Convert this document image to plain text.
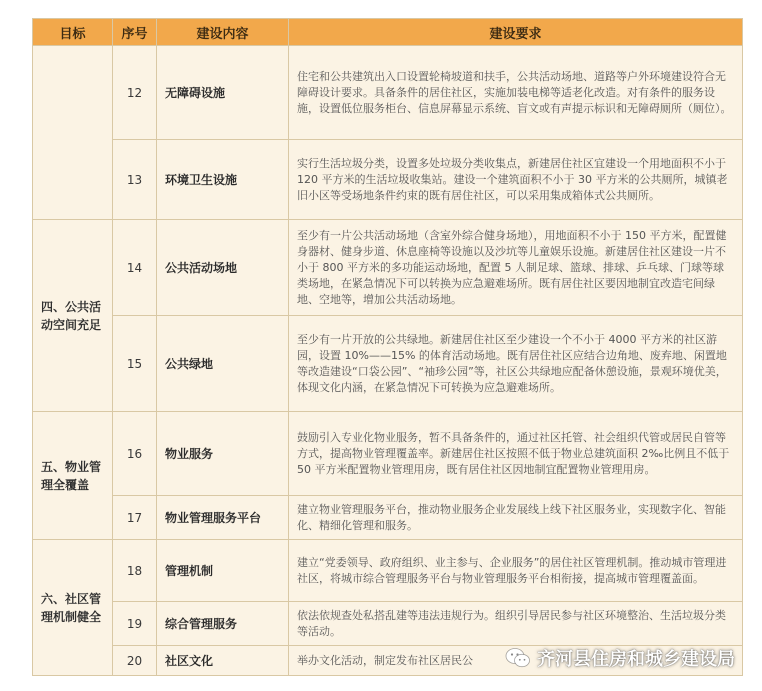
目标	序号	建设内容	建设要求
	12	无障碍设施	住宅和公共建筑出入口设置轮椅坡道和扶手，公共活动场地、道路等户外环境建设符合无障碍设计要求。具备条件的居住社区，实施加装电梯等适老化改造。对有条件的服务设施，设置低位服务柜台、信息屏幕显示系统、盲文或有声提示标识和无障碍厕所（厕位）。
	13	环境卫生设施	实行生活垃圾分类，设置多处垃圾分类收集点，新建居住社区宜建设一个用地面积不小于 120 平方米的生活垃圾收集站。建设一个建筑面积不小于 30 平方米的公共厕所，城镇老旧小区等受场地条件约束的既有居住社区，可以采用集成箱体式公共厕所。
四、公共活动空间充足	14	公共活动场地	至少有一片公共活动场地（含室外综合健身场地），用地面积不小于 150 平方米，配置健身器材、健身步道、休息座椅等设施以及沙坑等儿童娱乐设施。新建居住社区建设一片不小于 800 平方米的多功能运动场地，配置 5 人制足球、篮球、排球、乒乓球、门球等球类场地，在紧急情况下可以转换为应急避难场所。既有居住社区要因地制宜改造宅间绿地、空地等，增加公共活动场地。
	15	公共绿地	至少有一片开放的公共绿地。新建居住社区至少建设一个不小于 4000 平方米的社区游园，设置 10%——15% 的体育活动场地。既有居住社区应结合边角地、废弃地、闲置地等改造建设“口袋公园”、“袖珍公园”等，社区公共绿地应配备休憩设施，景观环境优美，体现文化内涵，在紧急情况下可转换为应急避难场所。
五、物业管理全覆盖	16	物业服务	鼓励引入专业化物业服务，暂不具备条件的，通过社区托管、社会组织代管或居民自管等方式，提高物业管理覆盖率。新建居住社区按照不低于物业总建筑面积 2‰比例且不低于 50 平方米配置物业管理用房，既有居住社区因地制宜配置物业管理用房。
	17	物业管理服务平台	建立物业管理服务平台，推动物业服务企业发展线上线下社区服务业，实现数字化、智能化、精细化管理和服务。
六、社区管理机制健全	18	管理机制	建立“党委领导、政府组织、业主参与、企业服务”的居住社区管理机制。推动城市管理进社区，将城市综合管理服务平台与物业管理服务平台相衔接，提高城市管理覆盖面。
	19	综合管理服务	依法依规查处私搭乱建等违法违规行为。组织引导居民参与社区环境整治、生活垃圾分类等活动。
	20	社区文化	举办文化活动，制定发布社区居民公	齐河县住房和城乡建设局
